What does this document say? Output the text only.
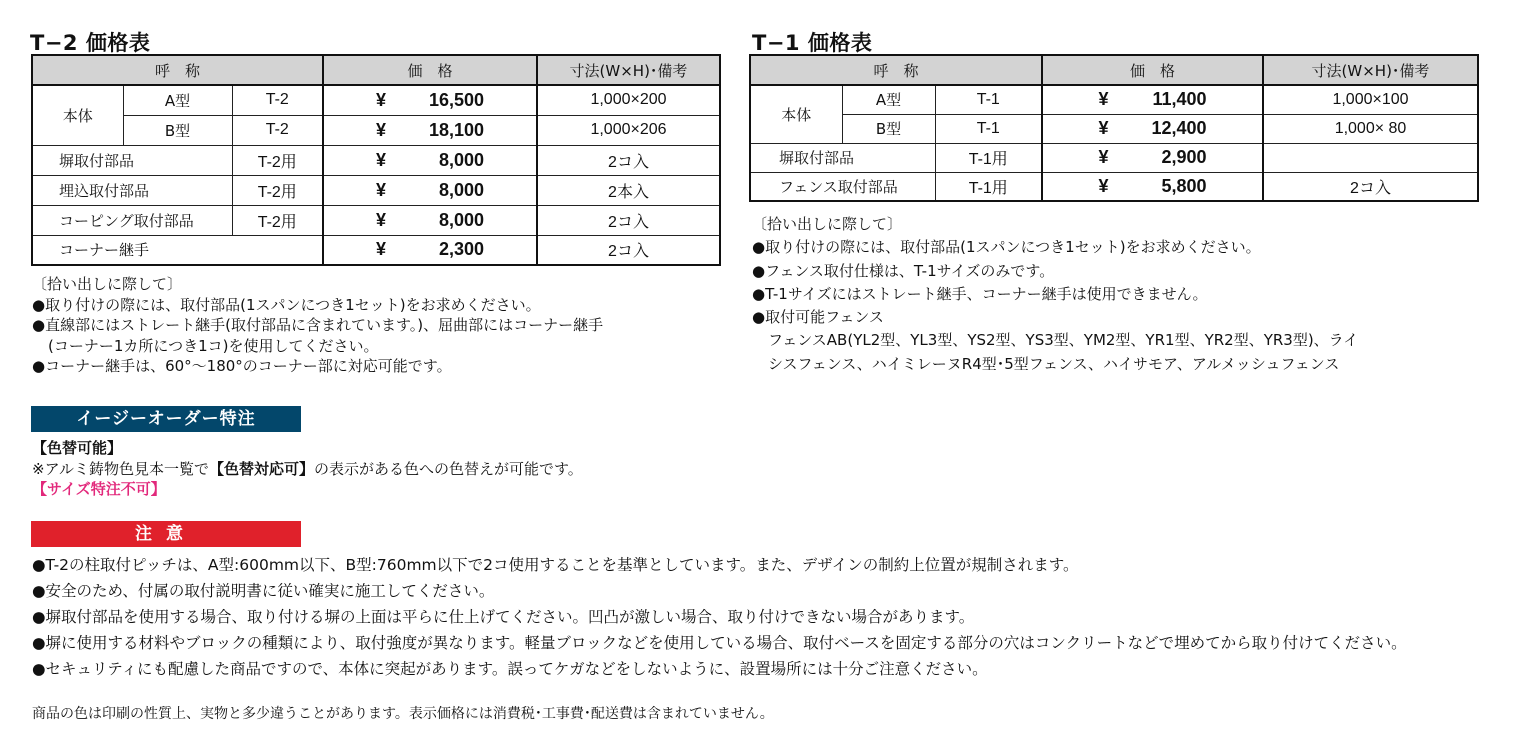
T−2 価格表
呼　称			価　格	寸法(W×H)･備考
本体	A型	T-2	¥ 16,500	1,000×200
	B型	T-2	¥ 18,100	1,000×206
塀取付部品		T-2用	¥ 8,000	2コ入
埋込取付部品		T-2用	¥ 8,000	2本入
コーピング取付部品		T-2用	¥ 8,000	2コ入
コーナー継手			¥ 2,300	2コ入
〔拾い出しに際して〕
●取り付けの際には、取付部品(1スパンにつき1セット)をお求めください。
●直線部にはストレート継手(取付部品に含まれています。)、屈曲部にはコーナー継手
(コーナー1カ所につき1コ)を使用してください。
●コーナー継手は、60°～180°のコーナー部に対応可能です。
T−1 価格表
呼　称			価　格	寸法(W×H)･備考
本体	A型	T-1	¥ 11,400	1,000×100
	B型	T-1	¥ 12,400	1,000× 80
塀取付部品		T-1用	¥ 2,900	
フェンス取付部品		T-1用	¥ 5,800	2コ入
〔拾い出しに際して〕
●取り付けの際には、取付部品(1スパンにつき1セット)をお求めください。
●フェンス取付仕様は、T-1サイズのみです。
●T-1サイズにはストレート継手、コーナー継手は使用できません。
●取付可能フェンス
フェンスAB(YL2型、YL3型、YS2型、YS3型、YM2型、YR1型、YR2型、YR3型)、ライ
シスフェンス、ハイミレーヌR4型･5型フェンス、ハイサモア、アルメッシュフェンス
イージーオーダー特注
【色替可能】
※アルミ鋳物色見本一覧で【色替対応可】の表示がある色への色替えが可能です。
【サイズ特注不可】
注意
●T-2の柱取付ピッチは、A型:600mm以下、B型:760mm以下で2コ使用することを基準としています。また、デザインの制約上位置が規制されます。
●安全のため、付属の取付説明書に従い確実に施工してください。
●塀取付部品を使用する場合、取り付ける塀の上面は平らに仕上げてください。凹凸が激しい場合、取り付けできない場合があります。
●塀に使用する材料やブロックの種類により、取付強度が異なります。軽量ブロックなどを使用している場合、取付ベースを固定する部分の穴はコンクリートなどで埋めてから取り付けてください。
●セキュリティにも配慮した商品ですので、本体に突起があります。誤ってケガなどをしないように、設置場所には十分ご注意ください。
商品の色は印刷の性質上、実物と多少違うことがあります。表示価格には消費税･工事費･配送費は含まれていません。
